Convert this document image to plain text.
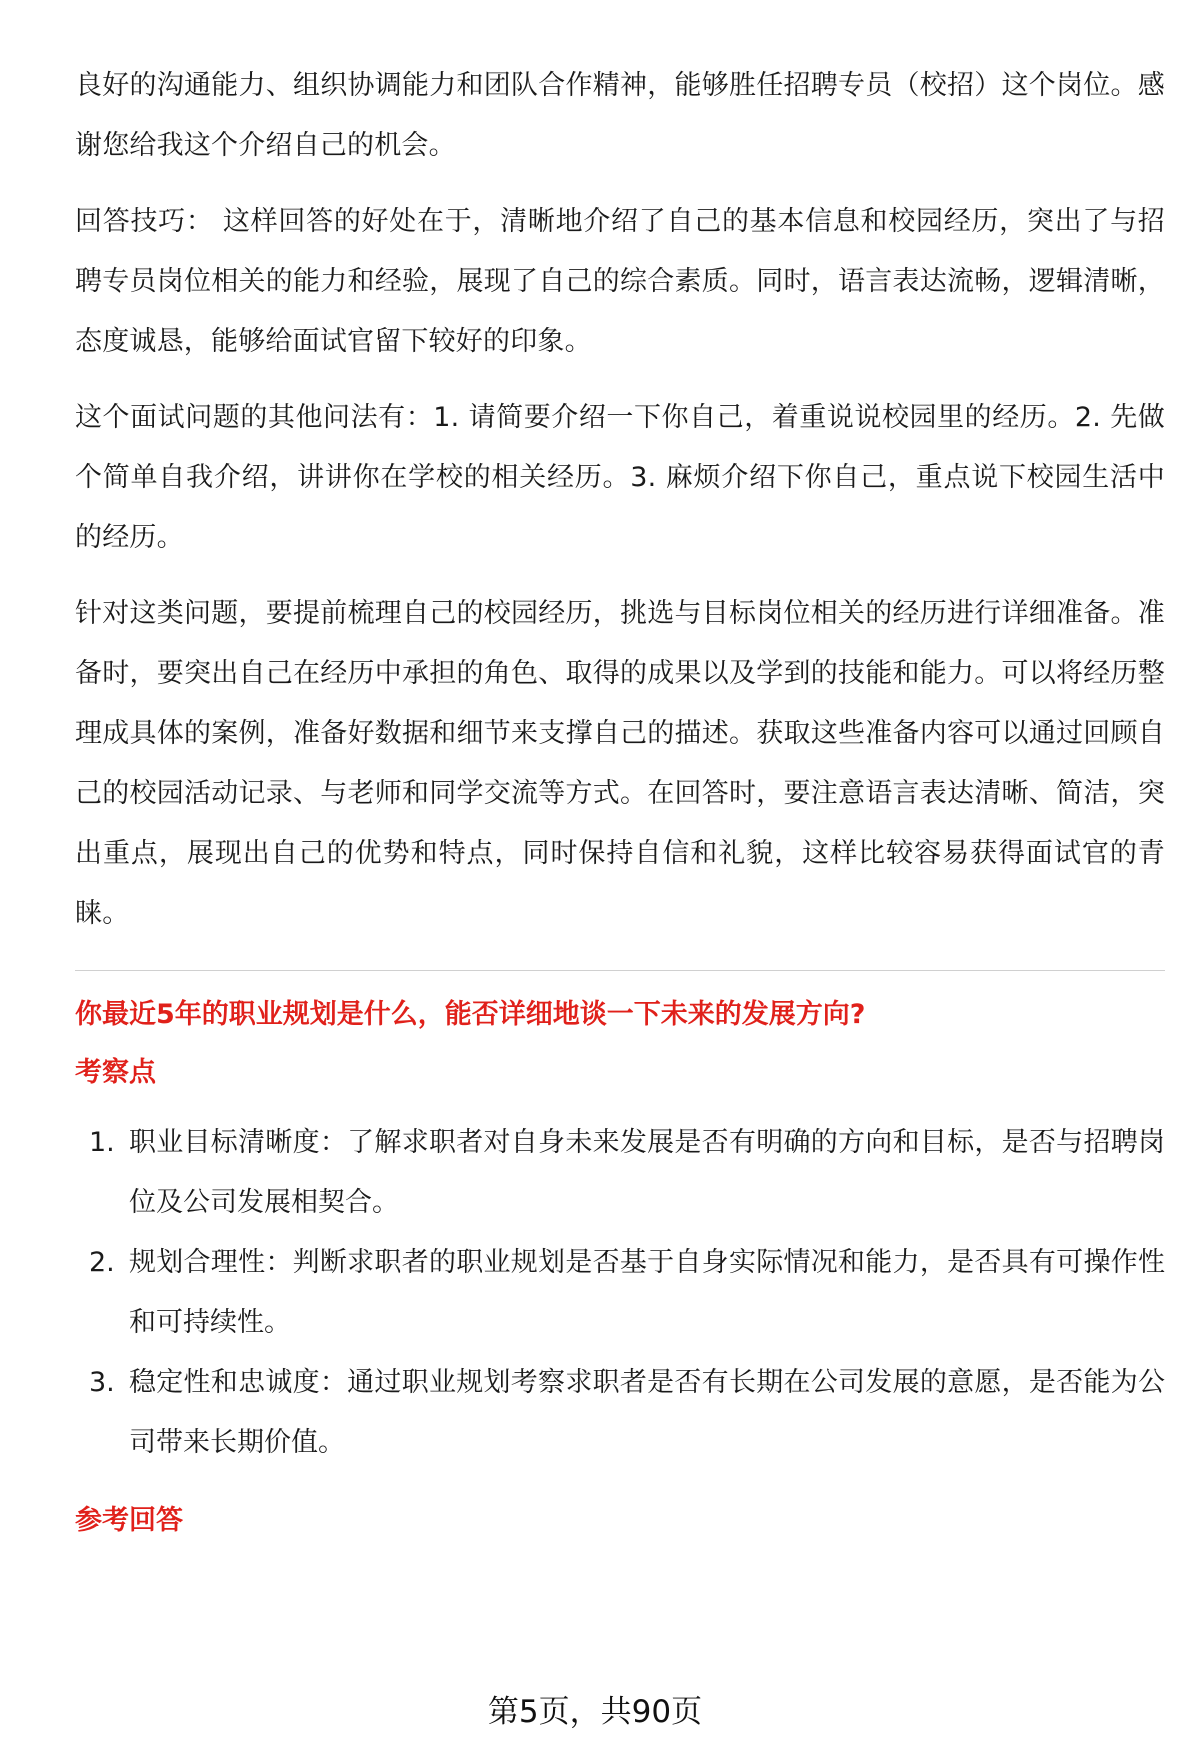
良好的沟通能力、组织协调能力和团队合作精神，能够胜任招聘专员（校招）这个岗位。感谢您给我这个介绍自己的机会。

回答技巧： 这样回答的好处在于，清晰地介绍了自己的基本信息和校园经历，突出了与招聘专员岗位相关的能力和经验，展现了自己的综合素质。同时，语言表达流畅，逻辑清晰，态度诚恳，能够给面试官留下较好的印象。

这个面试问题的其他问法有：1. 请简要介绍一下你自己，着重说说校园里的经历。2. 先做个简单自我介绍，讲讲你在学校的相关经历。3. 麻烦介绍下你自己，重点说下校园生活中的经历。

针对这类问题，要提前梳理自己的校园经历，挑选与目标岗位相关的经历进行详细准备。准备时，要突出自己在经历中承担的角色、取得的成果以及学到的技能和能力。可以将经历整理成具体的案例，准备好数据和细节来支撑自己的描述。获取这些准备内容可以通过回顾自己的校园活动记录、与老师和同学交流等方式。在回答时，要注意语言表达清晰、简洁，突出重点，展现出自己的优势和特点，同时保持自信和礼貌，这样比较容易获得面试官的青睐。

你最近5年的职业规划是什么，能否详细地谈一下未来的发展方向?

考察点

1. 职业目标清晰度：了解求职者对自身未来发展是否有明确的方向和目标，是否与招聘岗位及公司发展相契合。
2. 规划合理性：判断求职者的职业规划是否基于自身实际情况和能力，是否具有可操作性和可持续性。
3. 稳定性和忠诚度：通过职业规划考察求职者是否有长期在公司发展的意愿，是否能为公司带来长期价值。

参考回答

第5页，共90页
